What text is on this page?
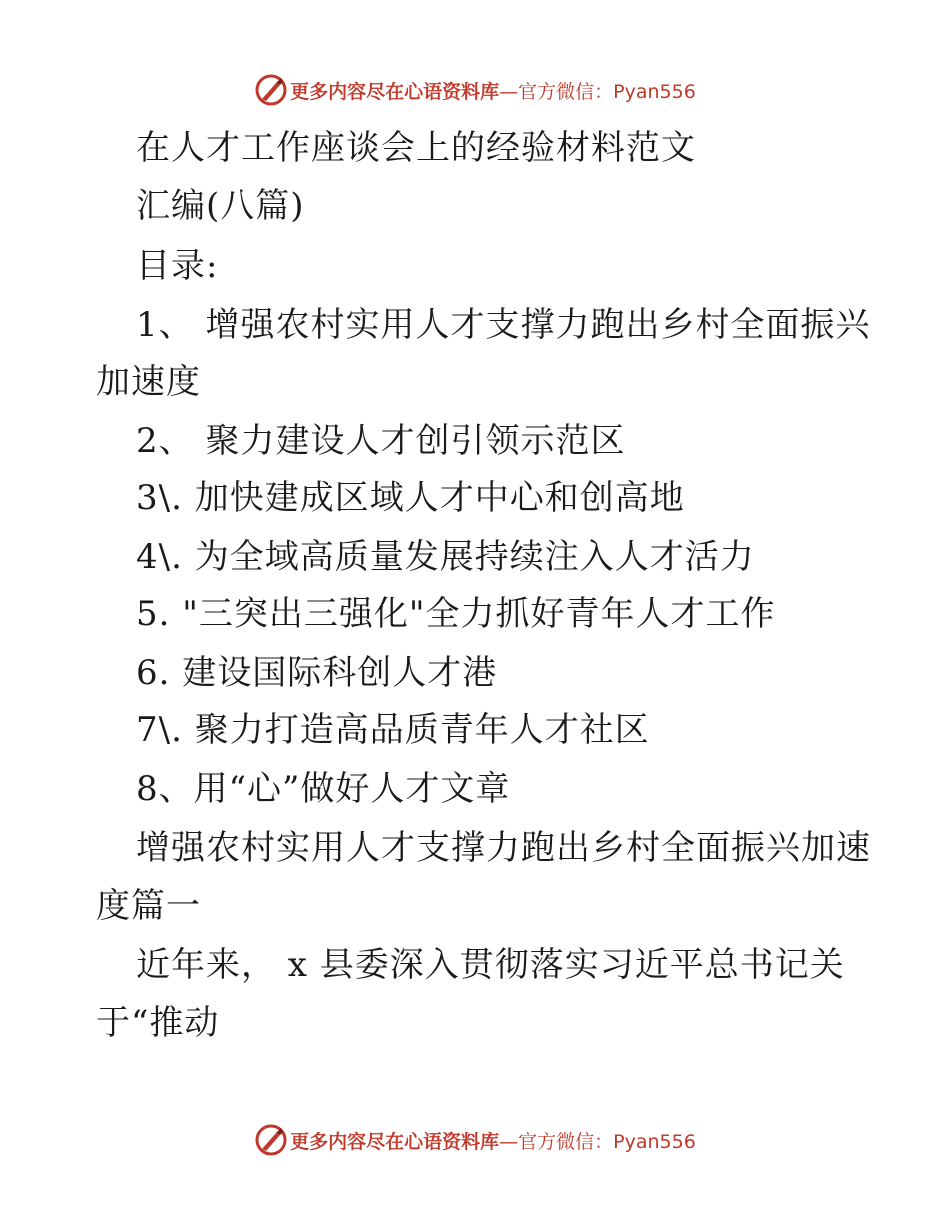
更多内容尽在心语资料库 —官方微信：Pyan556
在人才工作座谈会上的经验材料范文
汇编(八篇)
目录:
1、 增强农村实用人才支撑力跑出乡村全面振兴
加速度
2、 聚力建设人才创引领示范区
3\. 加快建成区域人才中心和创高地
4\. 为全域高质量发展持续注入人才活力
5. "三突出三强化"全力抓好青年人才工作
6. 建设国际科创人才港
7\. 聚力打造高品质青年人才社区
8、用“心”做好人才文章
增强农村实用人才支撑力跑出乡村全面振兴加速
度篇一
近年来， x 县委深入贯彻落实习近平总书记关
于“推动
更多内容尽在心语资料库 —官方微信：Pyan556
